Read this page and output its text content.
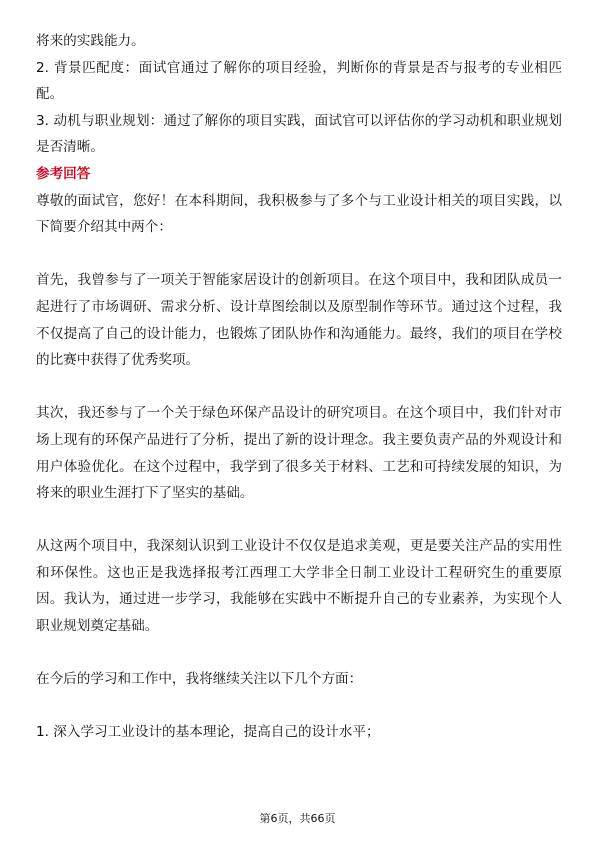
将来的实践能力。

2. 背景匹配度：面试官通过了解你的项目经验，判断你的背景是否与报考的专业相匹配。

3. 动机与职业规划：通过了解你的项目实践，面试官可以评估你的学习动机和职业规划是否清晰。

参考回答

尊敬的面试官，您好！在本科期间，我积极参与了多个与工业设计相关的项目实践，以下简要介绍其中两个：

首先，我曾参与了一项关于智能家居设计的创新项目。在这个项目中，我和团队成员一起进行了市场调研、需求分析、设计草图绘制以及原型制作等环节。通过这个过程，我不仅提高了自己的设计能力，也锻炼了团队协作和沟通能力。最终，我们的项目在学校的比赛中获得了优秀奖项。

其次，我还参与了一个关于绿色环保产品设计的研究项目。在这个项目中，我们针对市场上现有的环保产品进行了分析，提出了新的设计理念。我主要负责产品的外观设计和用户体验优化。在这个过程中，我学到了很多关于材料、工艺和可持续发展的知识，为将来的职业生涯打下了坚实的基础。

从这两个项目中，我深刻认识到工业设计不仅仅是追求美观，更是要关注产品的实用性和环保性。这也正是我选择报考江西理工大学非全日制工业设计工程研究生的重要原因。我认为，通过进一步学习，我能够在实践中不断提升自己的专业素养，为实现个人职业规划奠定基础。

在今后的学习和工作中，我将继续关注以下几个方面：

1. 深入学习工业设计的基本理论，提高自己的设计水平；

第6页，共66页
